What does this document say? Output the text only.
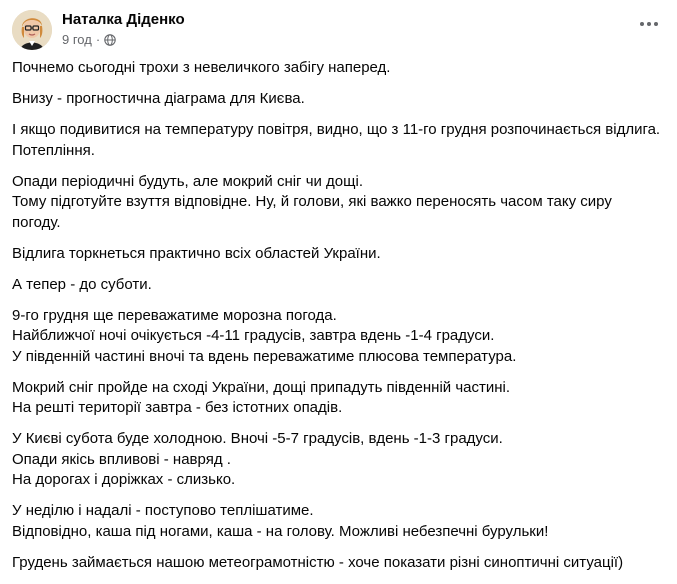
Наталка Діденко
9 год ·
Почнемо сьогодні трохи з невеличкого забігу наперед.
Внизу - прогностична діаграма для Києва.
І якщо подивитися на температуру повітря, видно, що з 11-го грудня розпочинається відлига.
Потепління.
Опади періодичні будуть, але мокрий сніг чи дощі.
Тому підготуйте взуття відповідне. Ну, й голови, які важко переносять часом таку сиру
погоду.
Відлига торкнеться практично всіх областей України.
А тепер - до суботи.
9-го грудня ще переважатиме морозна погода.
Найближчої ночі очікується -4-11 градусів, завтра вдень -1-4 градуси.
У південній частині вночі та вдень переважатиме плюсова температура.
Мокрий сніг пройде на сході України, дощі припадуть південній частині.
На решті території завтра - без істотних опадів.
У Києві субота буде холодною. Вночі -5-7 градусів, вдень -1-3 градуси.
Опади якісь впливові - навряд .
На дорогах і доріжках - слизько.
У неділю і надалі - поступово теплішатиме.
Відповідно, каша під ногами, каша - на голову. Можливі небезпечні бурульки!
Грудень займається нашою метеограмотністю - хоче показати різні синоптичні ситуації)
